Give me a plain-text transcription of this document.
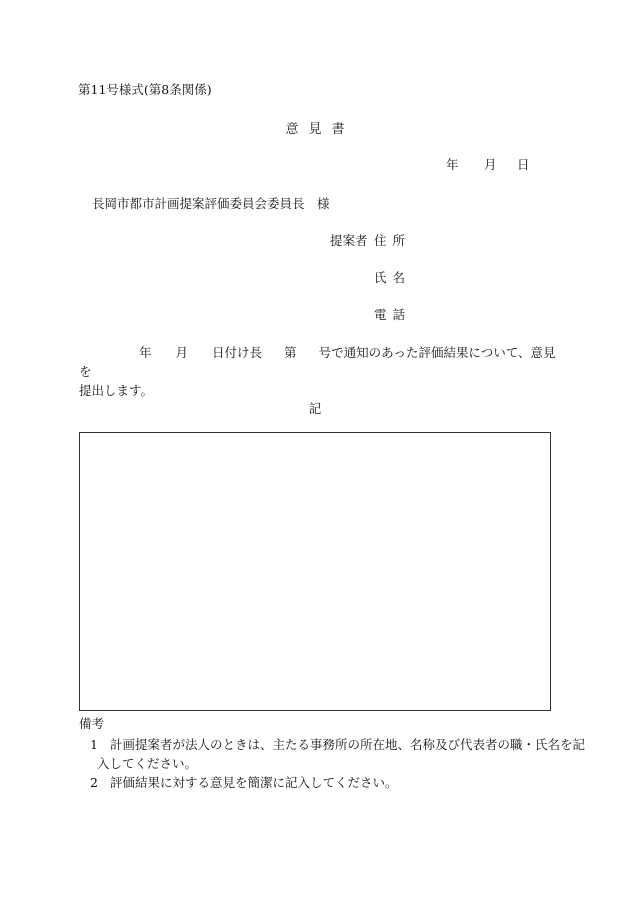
第11号様式(第8条関係)
意見書
年 月 日
長岡市都市計画提案評価委員会委員長　様
提案者 住所
氏名
電話
年 月 日付け長 第 号で通知のあった評価結果について、意見を
提出します。
記
備考
1 計画提案者が法人のときは、主たる事務所の所在地、名称及び代表者の職・氏名を記
入してください。
2 評価結果に対する意見を簡潔に記入してください。
